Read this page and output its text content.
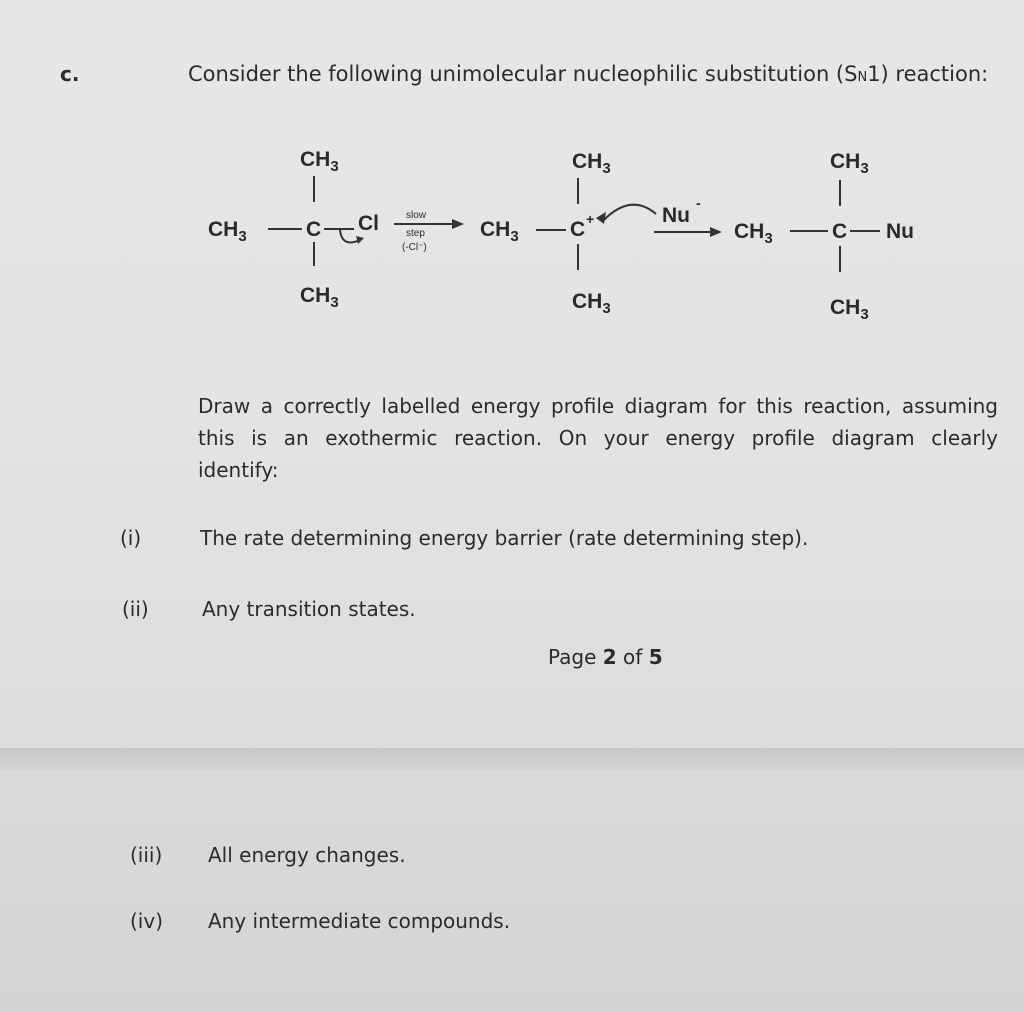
c.	Consider the following unimolecular nucleophilic substitution (SN1) reaction:
$CH_3$
$CH_3$	C Cl
$CH_3$
slow
step
(-Cl⁻)
$CH_3$
$CH_3$ C +
$CH_3$
Nu
-
$CH_3$
$CH_3$	C Nu
$CH_3$
Draw a correctly labelled energy profile diagram for this reaction, assuming
this is an exothermic reaction. On your energy profile diagram clearly
identify:
(i)	The rate determining energy barrier (rate determining step).
(ii)	Any transition states.
Page 2 of 5
(iii) All energy changes.
(iv) Any intermediate compounds.
